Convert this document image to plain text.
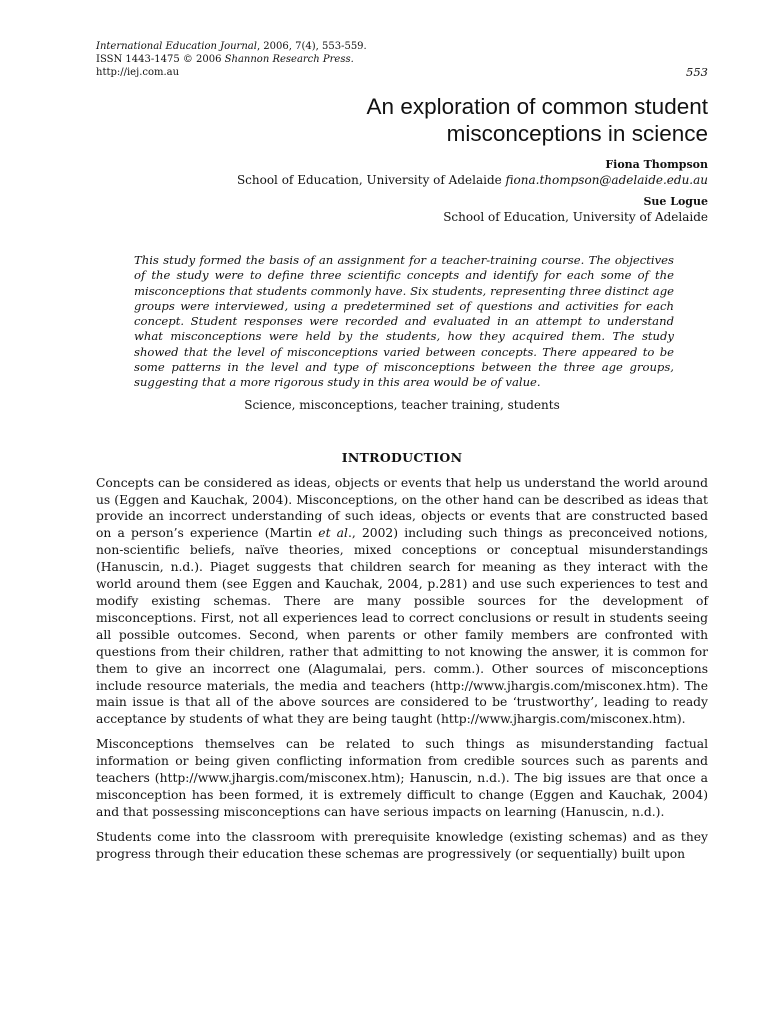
International Education Journal, 2006, 7(4), 553-559.
ISSN 1443-1475 © 2006 Shannon Research Press.
http://iej.com.au	553
An exploration of common student
misconceptions in science
Fiona Thompson
School of Education, University of Adelaide fiona.thompson@adelaide.edu.au
Sue Logue
School of Education, University of Adelaide

This study formed the basis of an assignment for a teacher-training course. The objectives of the study were to define three scientific concepts and identify for each some of the misconceptions that students commonly have. Six students, representing three distinct age groups were interviewed, using a predetermined set of questions and activities for each concept. Student responses were recorded and evaluated in an attempt to understand what misconceptions were held by the students, how they acquired them. The study showed that the level of misconceptions varied between concepts. There appeared to be some patterns in the level and type of misconceptions between the three age groups, suggesting that a more rigorous study in this area would be of value.

Science, misconceptions, teacher training, students
INTRODUCTION

Concepts can be considered as ideas, objects or events that help us understand the world around us (Eggen and Kauchak, 2004). Misconceptions, on the other hand can be described as ideas that provide an incorrect understanding of such ideas, objects or events that are constructed based on a person’s experience (Martin et al., 2002) including such things as preconceived notions, non-scientific beliefs, naïve theories, mixed conceptions or conceptual misunderstandings (Hanuscin, n.d.). Piaget suggests that children search for meaning as they interact with the world around them (see Eggen and Kauchak, 2004, p.281) and use such experiences to test and modify existing schemas. There are many possible sources for the development of misconceptions. First, not all experiences lead to correct conclusions or result in students seeing all possible outcomes. Second, when parents or other family members are confronted with questions from their children, rather that admitting to not knowing the answer, it is common for them to give an incorrect one (Alagumalai, pers. comm.). Other sources of misconceptions include resource materials, the media and teachers (http://www.jhargis.com/misconex.htm). The main issue is that all of the above sources are considered to be ‘trustworthy’, leading to ready acceptance by students of what they are being taught (http://www.jhargis.com/misconex.htm).

Misconceptions themselves can be related to such things as misunderstanding factual information or being given conflicting information from credible sources such as parents and teachers (http://www.jhargis.com/misconex.htm); Hanuscin, n.d.). The big issues are that once a misconception has been formed, it is extremely difficult to change (Eggen and Kauchak, 2004) and that possessing misconceptions can have serious impacts on learning (Hanuscin, n.d.).

Students come into the classroom with prerequisite knowledge (existing schemas) and as they progress through their education these schemas are progressively (or sequentially) built upon
